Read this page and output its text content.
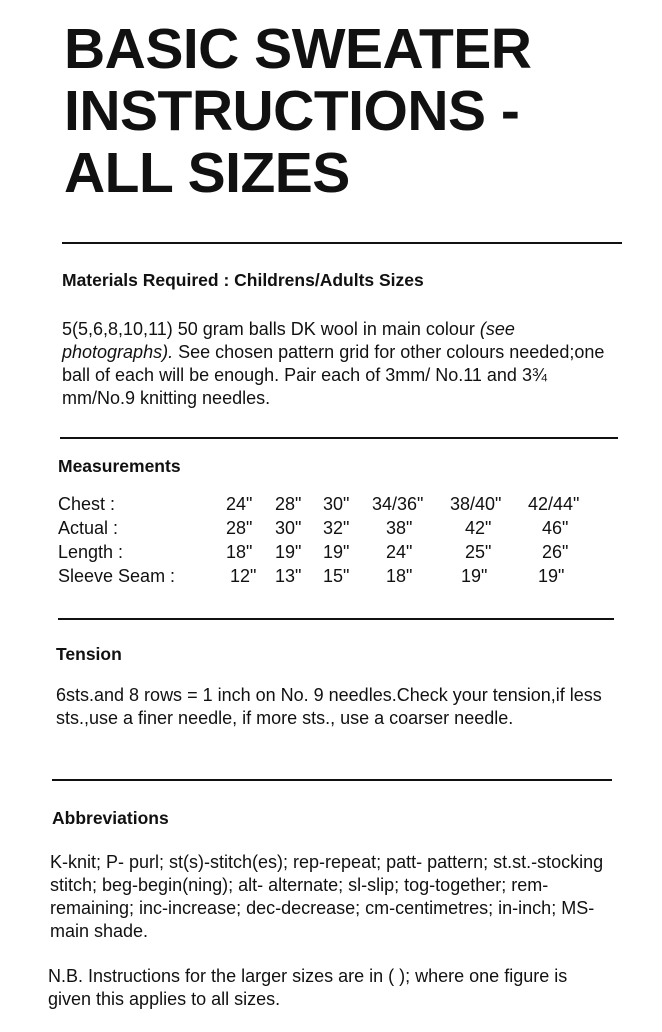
BASIC SWEATER
INSTRUCTIONS -
ALL SIZES
Materials Required : Childrens/Adults Sizes

5(5,6,8,10,11) 50 gram balls DK wool in main colour (see photographs). See chosen pattern grid for other colours needed;one ball of each will be enough. Pair each of 3mm/ No.11 and 3¾ mm/No.9 knitting needles.

Measurements
Chest :	24" 28" 30" 34/36" 38/40" 42/44"
Actual :	28" 30" 32" 38"	42"	46"
Length :	18" 19" 19" 24"	25"	26"
Sleeve Seam :	12" 13" 15" 18"	19"	19"
Tension

6sts.and 8 rows = 1 inch on No. 9 needles.Check your tension,if less sts.,use a finer needle, if more sts., use a coarser needle.

Abbreviations

K-knit; P- purl; st(s)-stitch(es); rep-repeat; patt- pattern; st.st.-stocking stitch; beg-begin(ning); alt- alternate; sl-slip; tog-together; rem-remaining; inc-increase; dec-decrease; cm-centimetres; in-inch; MS-main shade.

N.B. Instructions for the larger sizes are in ( ); where one figure is given this applies to all sizes.
